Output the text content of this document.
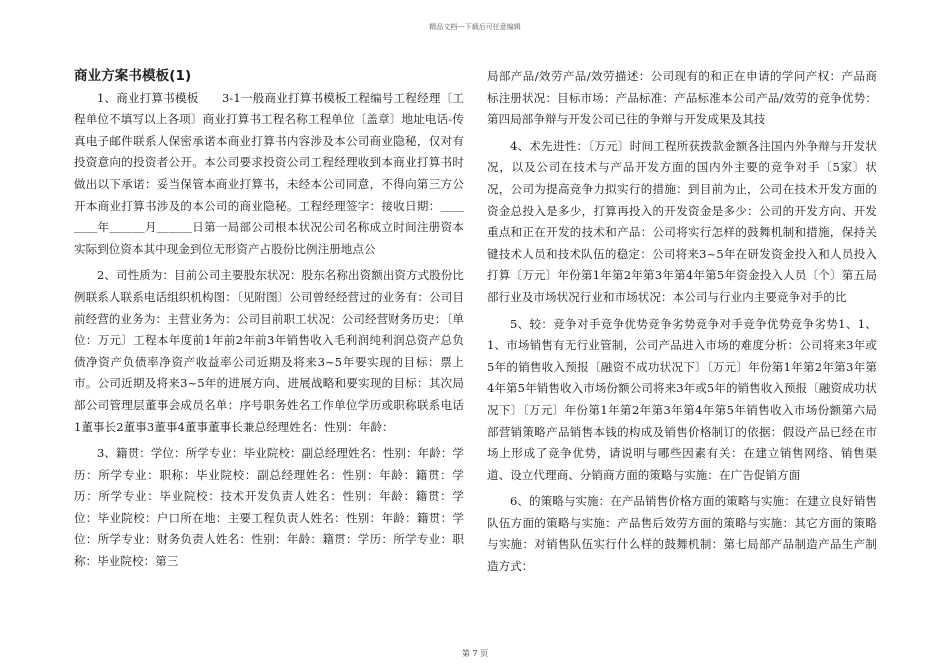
精品文档---下载后可任意编辑
商业方案书模板(1)

1、商业打算书模板　　3-1一般商业打算书模板工程编号工程经理〔工程单位不填写以上各项〕商业打算书工程名称工程单位〔盖章〕地址电话-传真电子邮件联系人保密承诺本商业打算书内容涉及本公司商业隐秘，仅对有投资意向的投资者公开。本公司要求投资公司工程经理收到本商业打算书时做出以下承诺：妥当保管本商业打算书，未经本公司同意，不得向第三方公开本商业打算书涉及的本公司的商业隐秘。工程经理签字：接收日期：＿＿＿＿年＿＿＿月＿＿＿日第一局部公司根本状况公司名称成立时间注册资本实际到位资本其中现金到位无形资产占股份比例注册地点公

2、司性质为：目前公司主要股东状况：股东名称出资额出资方式股份比例联系人联系电话组织机构图：〔见附图〕公司曾经经营过的业务有：公司目前经营的业务为：主营业务为：公司目前职工状况：公司经营财务历史：〔单位：万元〕工程本年度前1年前2年前3年销售收入毛利润纯利润总资产总负债净资产负债率净资产收益率公司近期及将来3~5年要实现的目标：票上市。公司近期及将来3~5年的进展方向、进展战略和要实现的目标：其次局部公司管理层董事会成员名单：序号职务姓名工作单位学历或职称联系电话1董事长2董事3董事4董事董事长兼总经理姓名：性别：年龄：

3、籍贯：学位：所学专业：毕业院校：副总经理姓名：性别：年龄：学历：所学专业：职称：毕业院校：副总经理姓名：性别：年龄：籍贯：学历：所学专业：毕业院校：技术开发负责人姓名：性别：年龄：籍贯：学位：毕业院校：户口所在地：主要工程负责人姓名：性别：年龄：籍贯：学位：所学专业：财务负责人姓名：性别：年龄：籍贯：学历：所学专业：职称：毕业院校：第三

局部产品/效劳产品/效劳描述：公司现有的和正在申请的学问产权：产品商标注册状况：目标市场：产品标准：产品标准本公司产品/效劳的竞争优势：第四局部争辩与开发公司已往的争辩与开发成果及其技

4、术先进性：〔万元〕时间工程所获拨款金额各注国内外争辩与开发状况，以及公司在技术与产品开发方面的国内外主要的竞争对手〔5家〕状况，公司为提高竞争力拟实行的措施：到目前为止，公司在技术开发方面的资金总投入是多少，打算再投入的开发资金是多少：公司的开发方向、开发重点和正在开发的技术和产品：公司将实行怎样的鼓舞机制和措施，保持关键技术人员和技术队伍的稳定：公司将来3~5年在研发资金投入和人员投入打算〔万元〕年份第1年第2年第3年第4年第5年资金投入人员〔个〕第五局部行业及市场状况行业和市场状况：本公司与行业内主要竞争对手的比

5、较：竞争对手竞争优势竞争劣势竞争对手竞争优势竞争劣势1、1、1、市场销售有无行业管制，公司产品进入市场的难度分析：公司将来3年或5年的销售收入预报〔融资不成功状况下〕〔万元〕年份第1年第2年第3年第4年第5年销售收入市场份额公司将来3年或5年的销售收入预报〔融资成功状况下〕〔万元〕年份第1年第2年第3年第4年第5年销售收入市场份额第六局部营销策略产品销售本钱的构成及销售价格制订的依据：假设产品已经在市场上形成了竞争优势，请说明与哪些因素有关：在建立销售网络、销售渠道、设立代理商、分销商方面的策略与实施：在广告促销方面

6、的策略与实施：在产品销售价格方面的策略与实施：在建立良好销售队伍方面的策略与实施：产品售后效劳方面的策略与实施：其它方面的策略与实施：对销售队伍实行什么样的鼓舞机制：第七局部产品制造产品生产制造方式：

第 7 页
